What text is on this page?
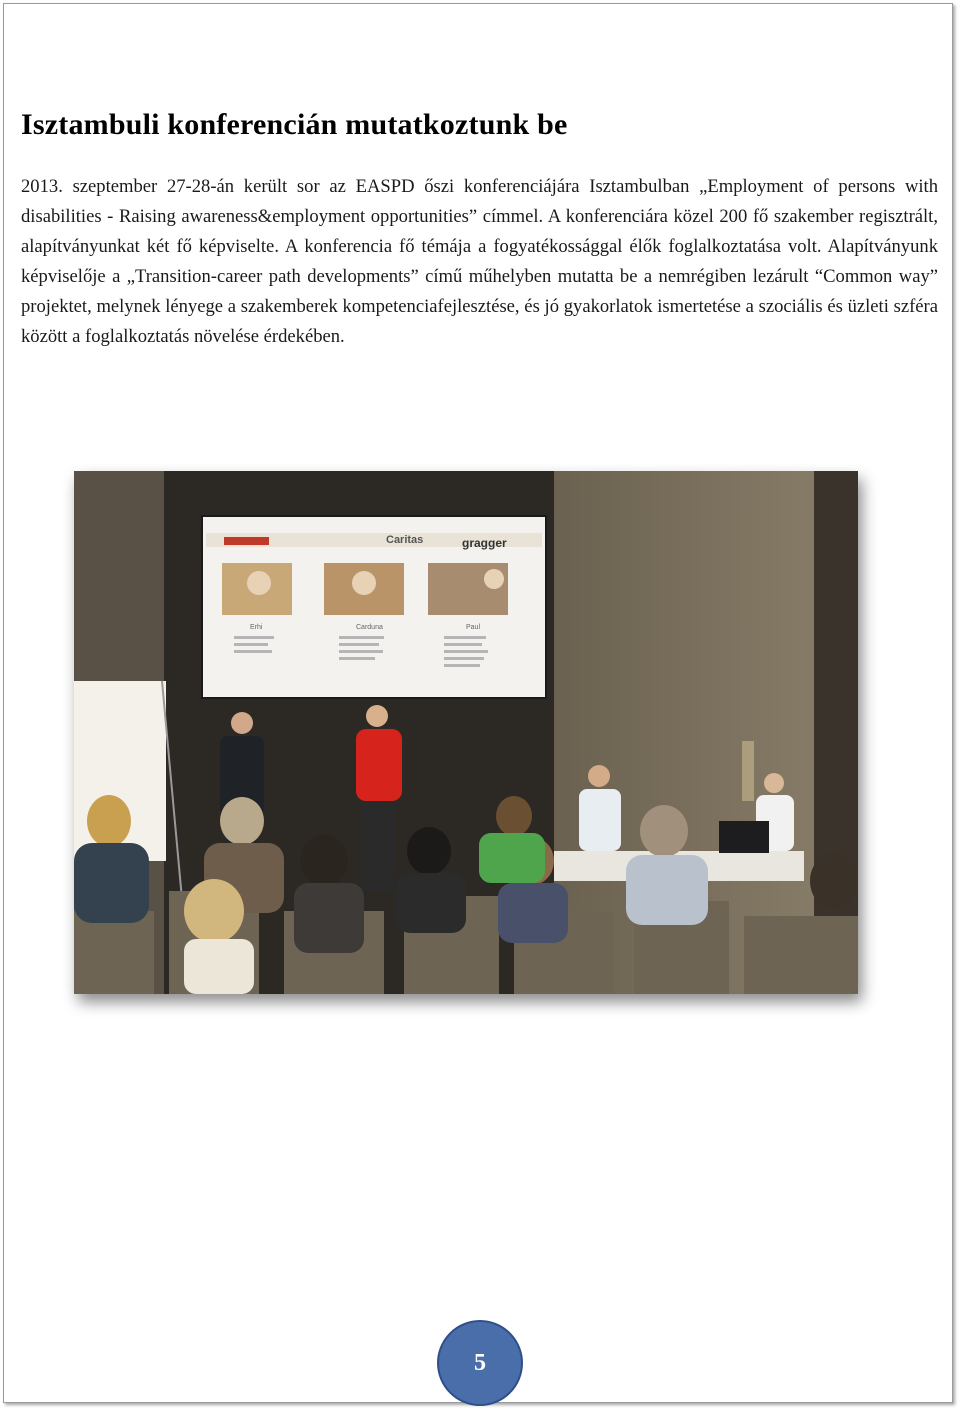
Isztambuli konferencián mutatkoztunk be

2013. szeptember 27-28-án került sor az EASPD őszi konferenciájára Isztambulban „Employment of persons with disabilities - Raising awareness&employment opportunities” címmel. A konferenciára közel 200 fő szakember regisztrált, alapítványunkat két fő képviselte. A konferencia fő témája a fogyatékossággal élők foglalkoztatása volt. Alapítványunk képviselője a „Transition-career path developments” című műhelyben mutatta be a nemrégiben lezárult “Common way” projektet, melynek lényege a szakemberek kompetenciafejlesztése, és jó gyakorlatok ismertetése a szociális és üzleti szféra között a foglalkoztatás növelése érdekében.

Caritas	gragger
Erhi	Carduna	Paul
5
